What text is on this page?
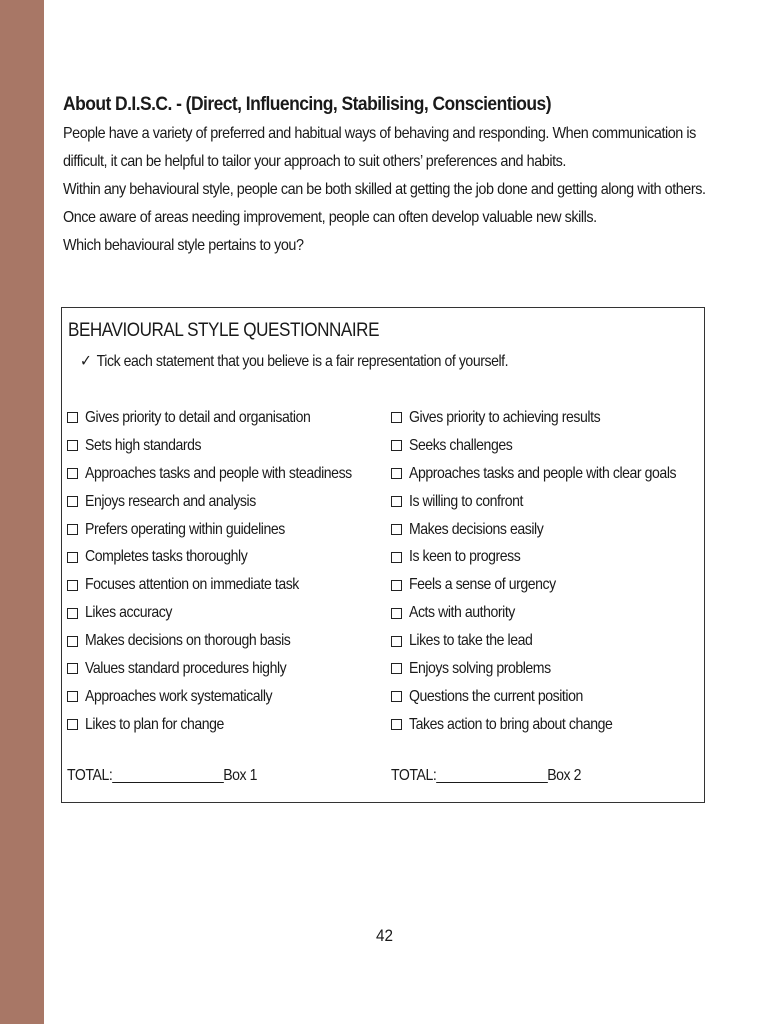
About D.I.S.C. - (Direct, Influencing, Stabilising, Conscientious)
People have a variety of preferred and habitual ways of behaving and responding. When communication is
difficult, it can be helpful to tailor your approach to suit others’ preferences and habits.
Within any behavioural style, people can be both skilled at getting the job done and getting along with others.
Once aware of areas needing improvement, people can often develop valuable new skills.
Which behavioural style pertains to you?
BEHAVIOURAL STYLE QUESTIONNAIRE
✓ Tick each statement that you believe is a fair representation of yourself.
Gives priority to detail and organisation
Sets high standards
Approaches tasks and people with steadiness
Enjoys research and analysis
Prefers operating within guidelines
Completes tasks thoroughly
Focuses attention on immediate task
Likes accuracy
Makes decisions on thorough basis
Values standard procedures highly
Approaches work systematically
Likes to plan for change
Gives priority to achieving results
Seeks challenges
Approaches tasks and people with clear goals
Is willing to confront
Makes decisions easily
Is keen to progress
Feels a sense of urgency
Acts with authority
Likes to take the lead
Enjoys solving problems
Questions the current position
Takes action to bring about change
TOTAL:_______________Box 1	TOTAL:_______________Box 2
42
